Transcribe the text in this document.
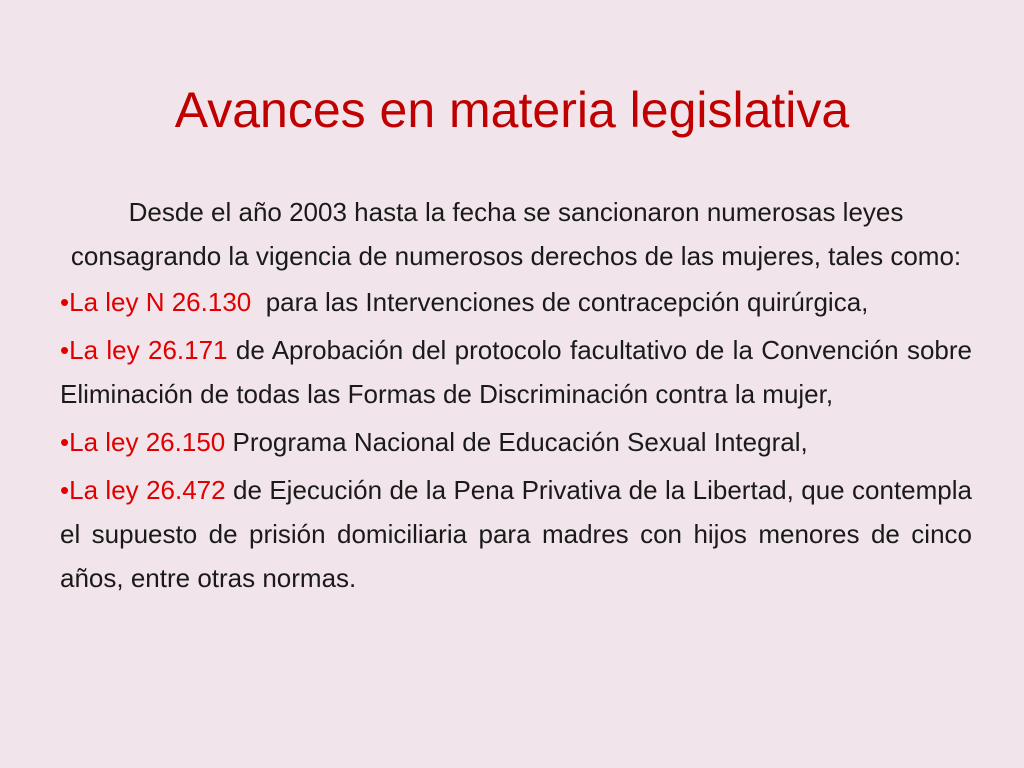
Avances en materia legislativa

Desde el año 2003 hasta la fecha se sancionaron numerosas leyes consagrando la vigencia de numerosos derechos de las mujeres, tales como:

•La ley N 26.130  para las Intervenciones de contracepción quirúrgica,

•La ley 26.171 de Aprobación del protocolo facultativo de la Convención sobre Eliminación de todas las Formas de Discriminación contra la mujer,

•La ley 26.150 Programa Nacional de Educación Sexual Integral,

•La ley 26.472 de Ejecución de la Pena Privativa de la Libertad, que contempla el supuesto de prisión domiciliaria para madres con hijos menores de cinco años, entre otras normas.
